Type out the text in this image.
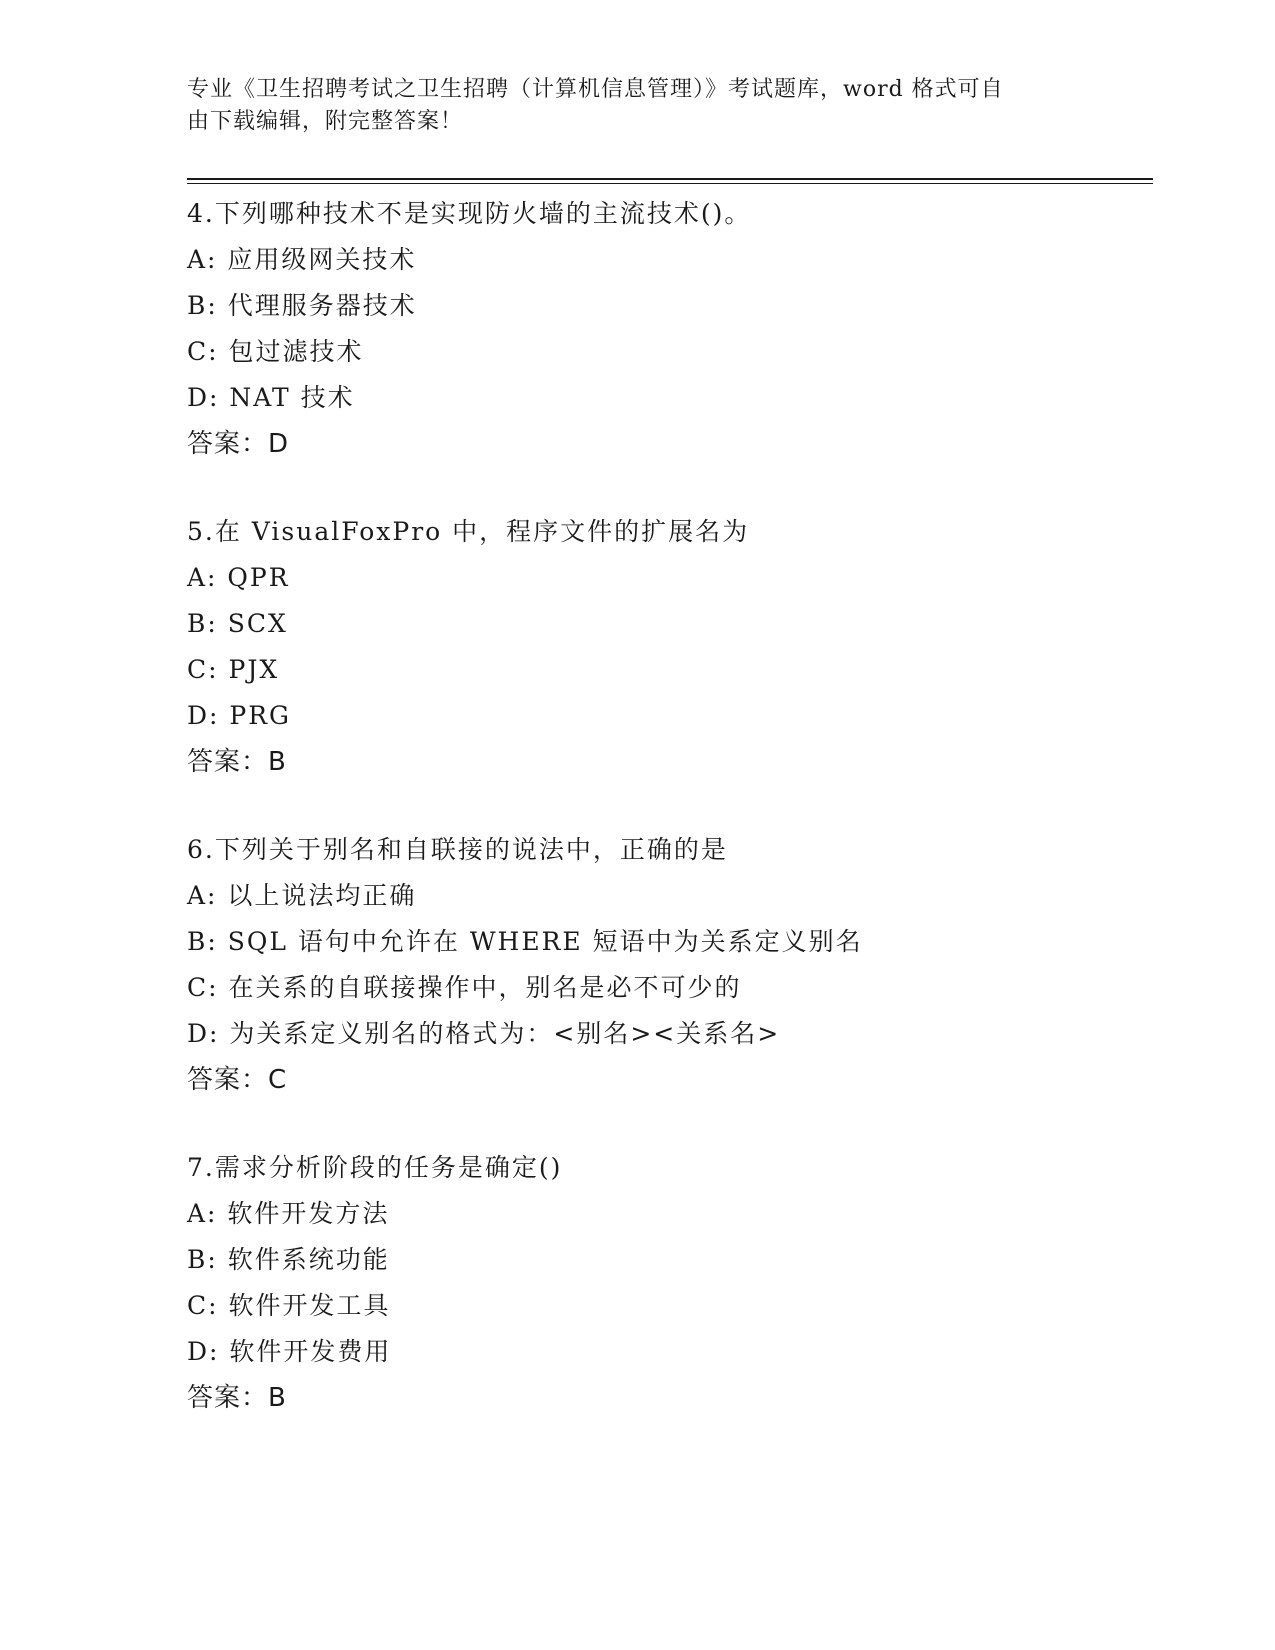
专业《卫生招聘考试之卫生招聘（计算机信息管理）》考试题库，word 格式可自
由下载编辑，附完整答案！
4.下列哪种技术不是实现防火墙的主流技术()。
A: 应用级网关技术
B: 代理服务器技术
C: 包过滤技术
D: NAT 技术
答案：D
5.在 VisualFoxPro 中，程序文件的扩展名为
A: QPR
B: SCX
C: PJX
D: PRG
答案：B
6.下列关于别名和自联接的说法中，正确的是
A: 以上说法均正确
B: SQL 语句中允许在 WHERE 短语中为关系定义别名
C: 在关系的自联接操作中，别名是必不可少的
D: 为关系定义别名的格式为：<别名><关系名>
答案：C
7.需求分析阶段的任务是确定()
A: 软件开发方法
B: 软件系统功能
C: 软件开发工具
D: 软件开发费用
答案：B
